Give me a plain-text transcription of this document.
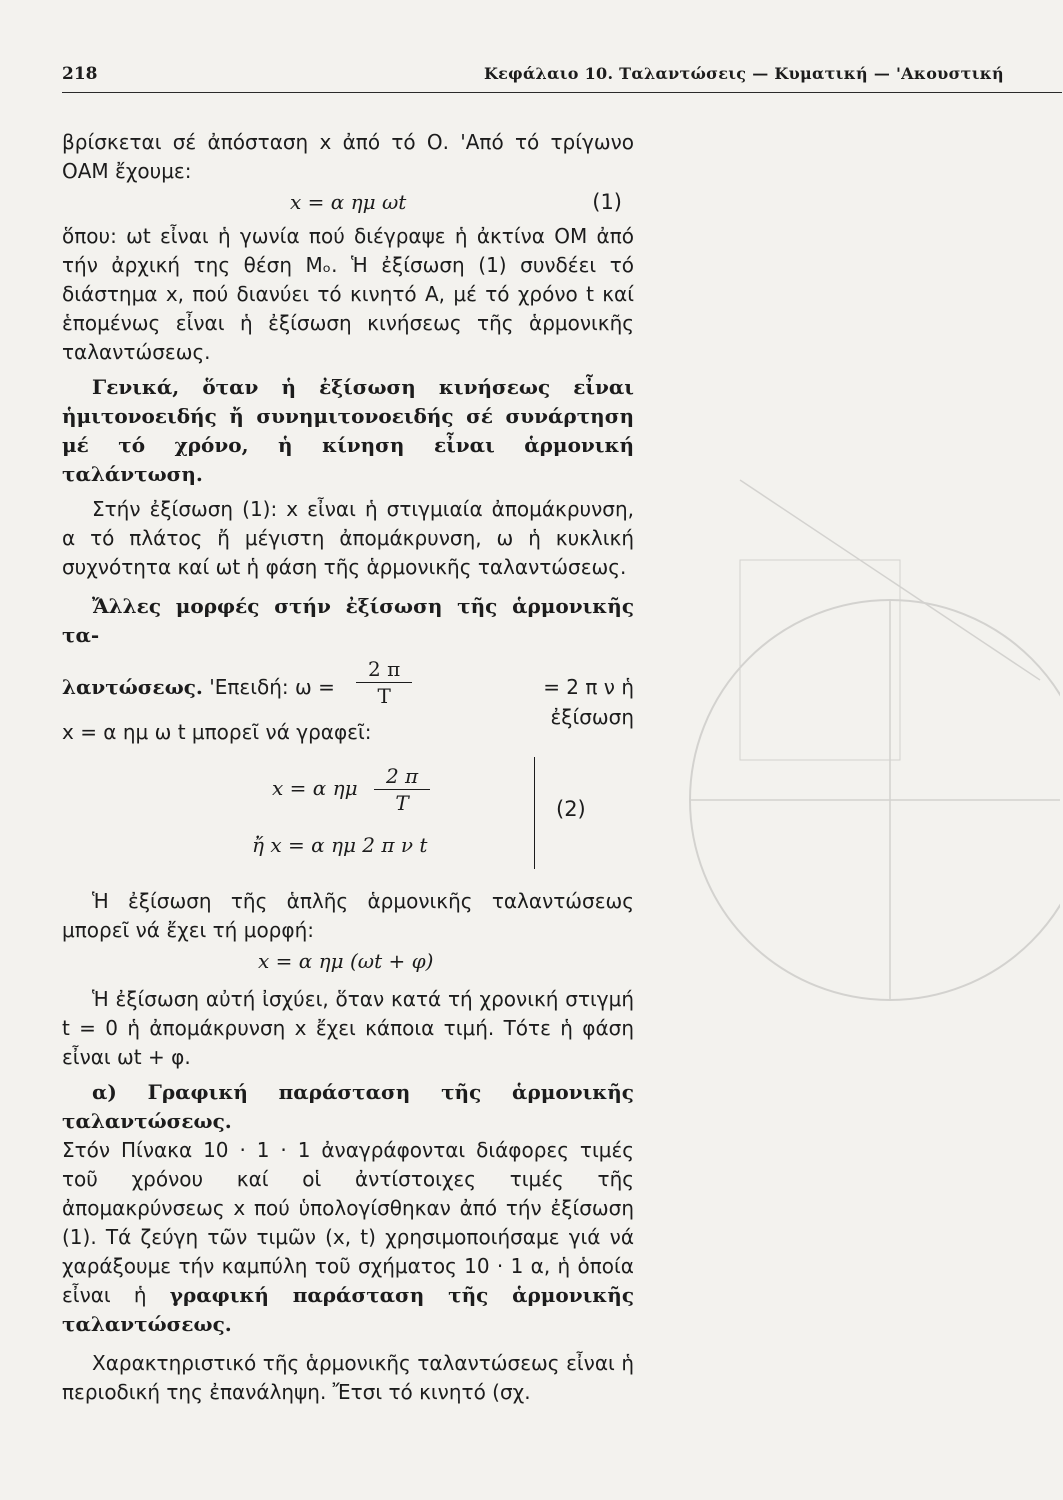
218	Κεφάλαιο 10. Ταλαντώσεις — Κυματική — 'Ακουστική

βρίσκεται σέ ἀπόσταση x ἀπό τό Ο. 'Από τό τρίγωνο ΟΑΜ ἔχουμε:

x = α ημ ωt	(1)

ὅπου: ωt εἶναι ἡ γωνία πού διέγραψε ἡ ἀκτίνα ΟΜ ἀπό τήν ἀρχική της θέση Μₒ. Ἡ ἐξίσωση (1) συνδέει τό διάστημα x, πού διανύει τό κινητό Α, μέ τό χρόνο t καί ἑπομένως εἶναι ἡ ἐξίσωση κινήσεως τῆς ἁρμονικῆς ταλαντώσεως.

Γενικά, ὅταν ἡ ἐξίσωση κινήσεως εἶναι ἡμιτονοειδής ἤ συνημιτονοειδής σέ συνάρτηση μέ τό χρόνο, ἡ κίνηση εἶναι ἁρμονική ταλάντωση.

Στήν ἐξίσωση (1): x εἶναι ἡ στιγμιαία ἀπομάκρυνση, α τό πλάτος ἤ μέγιστη ἀπομάκρυνση, ω ἡ κυκλική συχνότητα καί ωt ἡ φάση τῆς ἁρμονικῆς ταλαντώσεως.

Ἄλλες μορφές στήν ἐξίσωση τῆς ἁρμονικῆς τα-

λαντώσεως. 'Επειδή: $\omega = \frac{2 \pi}{T}$	= 2 π ν ἡ ἐξίσωση

x = α ημ ω t μπορεῖ νά γραφεῖ:

x = α ημ $\frac{2 \pi}{T}$
ἤ x = α ημ 2 π ν t
(2)

Ἡ ἐξίσωση τῆς ἁπλῆς ἁρμονικῆς ταλαντώσεως μπορεῖ νά ἔχει τή μορφή:

x = α ημ (ωt + φ)

Ἡ ἐξίσωση αὐτή ἰσχύει, ὅταν κατά τή χρονική στιγμή t = 0 ἡ ἀπομάκρυνση x ἔχει κάποια τιμή. Τότε ἡ φάση εἶναι ωt + φ.

α) Γραφική παράσταση τῆς ἁρμονικῆς ταλαντώσεως.

Στόν Πίνακα 10 · 1 · 1 ἀναγράφονται διάφορες τιμές τοῦ χρόνου καί οἱ ἀντίστοιχες τιμές τῆς ἀπομακρύνσεως x πού ὑπολογίσθηκαν ἀπό τήν ἐξίσωση (1). Τά ζεύγη τῶν τιμῶν (x, t) χρησιμοποιήσαμε γιά νά χαράξουμε τήν καμπύλη τοῦ σχήματος 10 · 1 α, ἡ ὁποία εἶναι ἡ γραφική παράσταση τῆς ἁρμονικῆς ταλαντώσεως.

Χαρακτηριστικό τῆς ἁρμονικῆς ταλαντώσεως εἶναι ἡ περιοδική της ἐπανάληψη. Ἔτσι τό κινητό (σχ.
